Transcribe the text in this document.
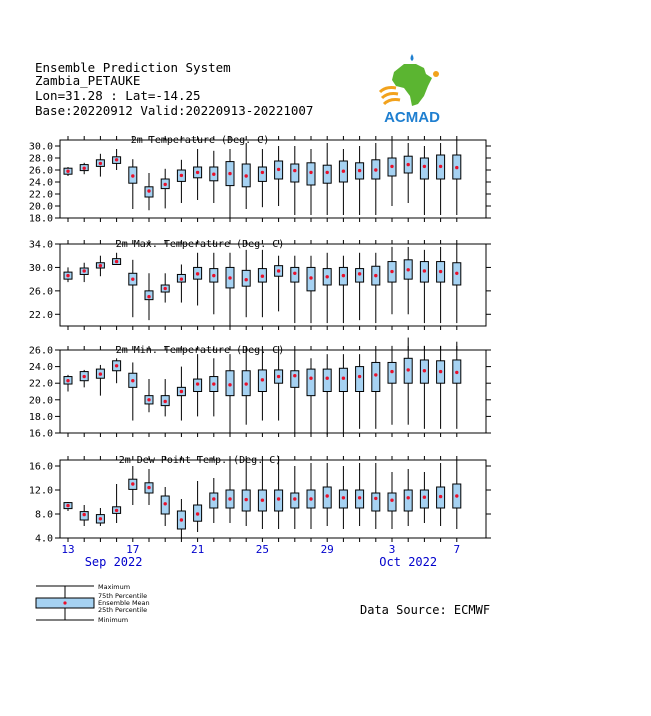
Ensemble Prediction System
Zambia_PETAUKE
Lon=31.28 : Lat=-14.25
Base:20220912 Valid:20220913-20221007	ACMAD
2m Temperature (Deg. C)
30.0
28.0
26.0
24.0
22.0
20.0
18.0
2m Max. Temperature (Deg. C)
34.0
30.0
26.0
22.0
2m Min. Temperature (Deg. C)
26.0
24.0
22.0
20.0
18.0
16.0
2m Dew Point Temp. (Deg. C)
16.0
12.0
8.0
4.0
13	17	21	25	29	3	7
Sep 2022	Oct 2022
Maximum
75th Percentile
Ensemble Mean
25th Percentile
Minimum
Data Source: ECMWF
